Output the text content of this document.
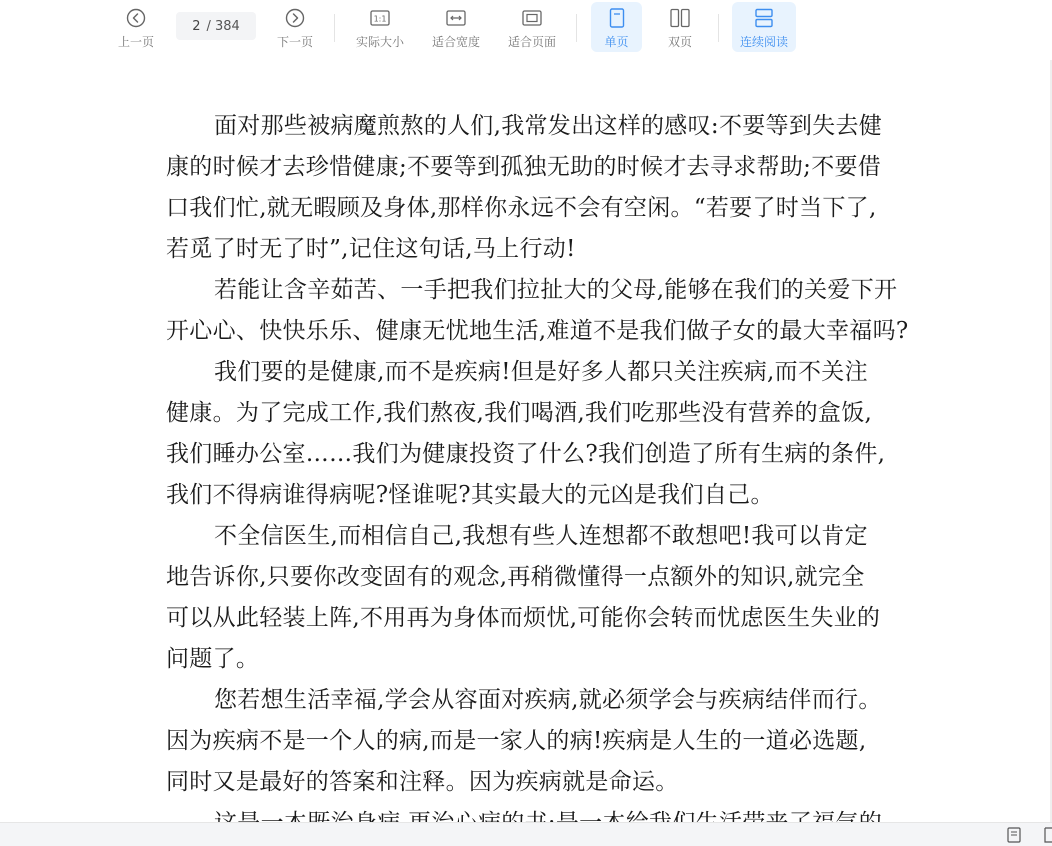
上一页
2 / 384
下一页
1:1
实际大小 适合宽度 适合页面	单页	双页	连续阅读
面对那些被病魔煎熬的人们,我常发出这样的感叹:不要等到失去健
康的时候才去珍惜健康;不要等到孤独无助的时候才去寻求帮助;不要借
口我们忙,就无暇顾及身体,那样你永远不会有空闲。“若要了时当下了,
若觅了时无了时”,记住这句话,马上行动!
若能让含辛茹苦、一手把我们拉扯大的父母,能够在我们的关爱下开
开心心、快快乐乐、健康无忧地生活,难道不是我们做子女的最大幸福吗?
我们要的是健康,而不是疾病!但是好多人都只关注疾病,而不关注
健康。为了完成工作,我们熬夜,我们喝酒,我们吃那些没有营养的盒饭,
我们睡办公室……我们为健康投资了什么?我们创造了所有生病的条件,
我们不得病谁得病呢?怪谁呢?其实最大的元凶是我们自己。
不全信医生,而相信自己,我想有些人连想都不敢想吧!我可以肯定
地告诉你,只要你改变固有的观念,再稍微懂得一点额外的知识,就完全
可以从此轻装上阵,不用再为身体而烦忧,可能你会转而忧虑医生失业的
问题了。
您若想生活幸福,学会从容面对疾病,就必须学会与疾病结伴而行。
因为疾病不是一个人的病,而是一家人的病!疾病是人生的一道必选题,
同时又是最好的答案和注释。因为疾病就是命运。
